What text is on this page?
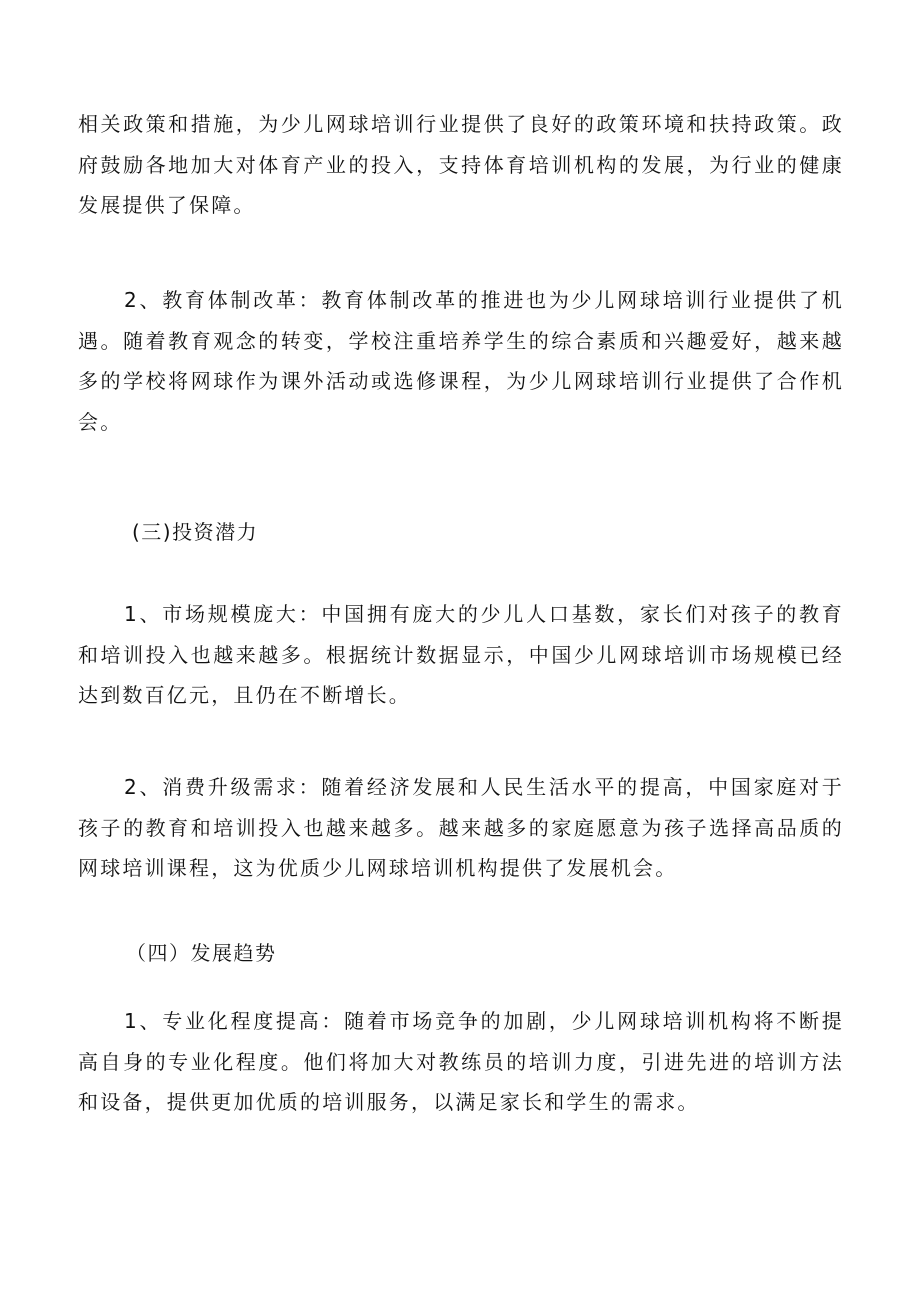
相关政策和措施，为少儿网球培训行业提供了良好的政策环境和扶持政策。政府鼓励各地加大对体育产业的投入，支持体育培训机构的发展，为行业的健康发展提供了保障。

2、教育体制改革：教育体制改革的推进也为少儿网球培训行业提供了机遇。随着教育观念的转变，学校注重培养学生的综合素质和兴趣爱好，越来越多的学校将网球作为课外活动或选修课程，为少儿网球培训行业提供了合作机会。

(三)投资潜力

1、市场规模庞大：中国拥有庞大的少儿人口基数，家长们对孩子的教育和培训投入也越来越多。根据统计数据显示，中国少儿网球培训市场规模已经达到数百亿元，且仍在不断增长。

2、消费升级需求：随着经济发展和人民生活水平的提高，中国家庭对于孩子的教育和培训投入也越来越多。越来越多的家庭愿意为孩子选择高品质的网球培训课程，这为优质少儿网球培训机构提供了发展机会。

（四）发展趋势

1、专业化程度提高：随着市场竞争的加剧，少儿网球培训机构将不断提高自身的专业化程度。他们将加大对教练员的培训力度，引进先进的培训方法和设备，提供更加优质的培训服务，以满足家长和学生的需求。
